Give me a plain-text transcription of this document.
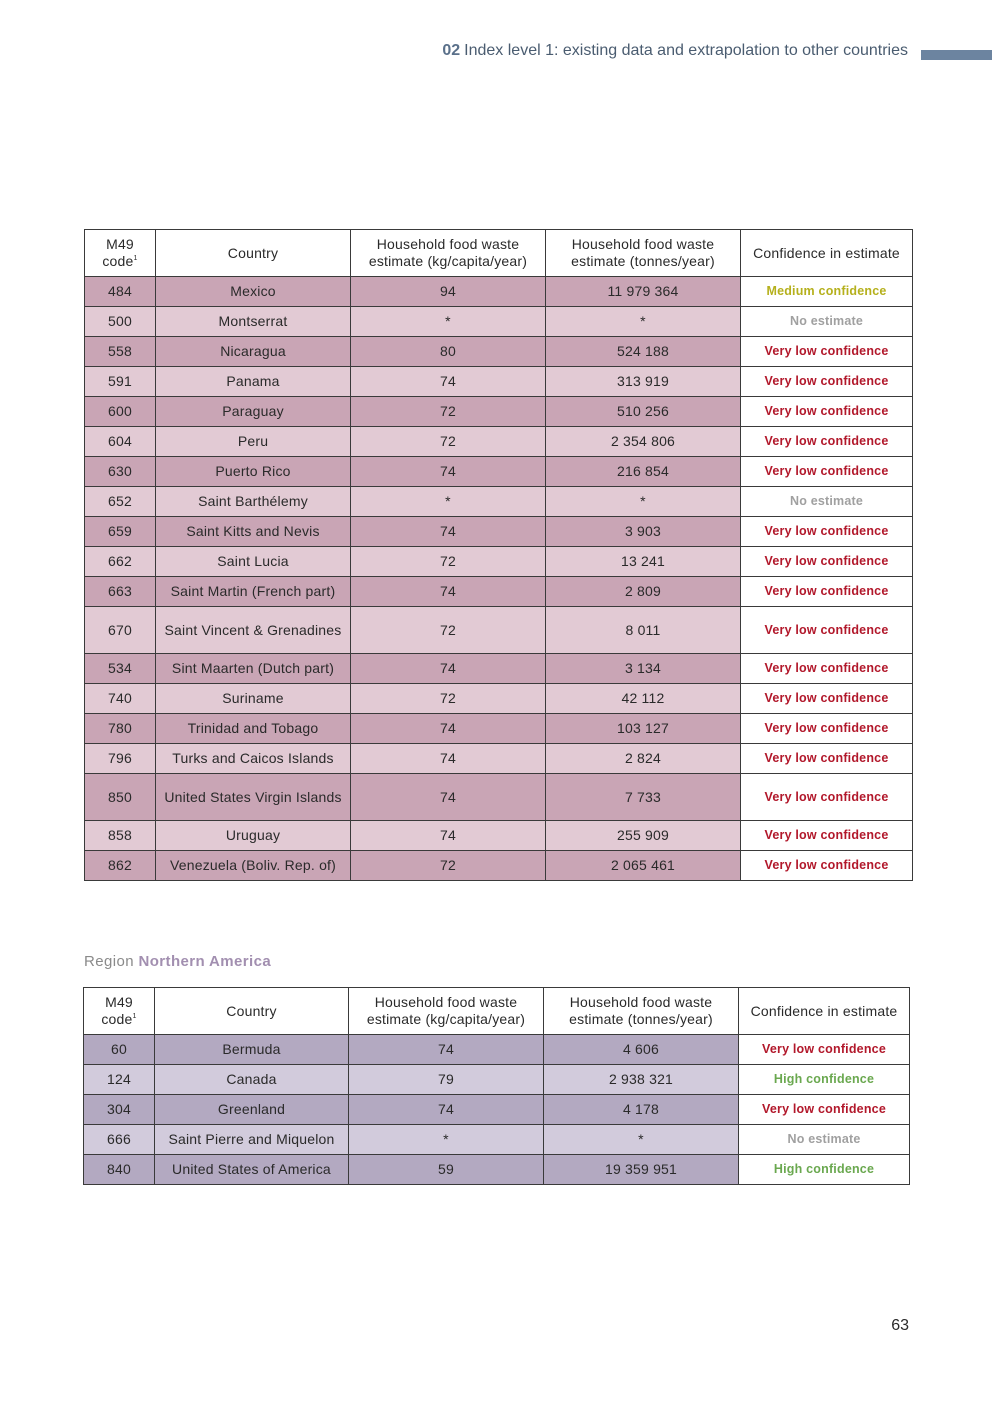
02 Index level 1: existing data and extrapolation to other countries
M49 code$^1$	Country	Household food waste estimate (kg/capita/year)	Household food waste estimate (tonnes/year)	Confidence in estimate
484	Mexico	94	11 979 364	Medium confidence
500	Montserrat	*	*	No estimate
558	Nicaragua	80	524 188	Very low confidence
591	Panama	74	313 919	Very low confidence
600	Paraguay	72	510 256	Very low confidence
604	Peru	72	2 354 806	Very low confidence
630	Puerto Rico	74	216 854	Very low confidence
652	Saint Barthélemy	*	*	No estimate
659	Saint Kitts and Nevis	74	3 903	Very low confidence
662	Saint Lucia	72	13 241	Very low confidence
663	Saint Martin (French part)	74	2 809	Very low confidence
670	Saint Vincent & Grenadines	72	8 011	Very low confidence
534	Sint Maarten (Dutch part)	74	3 134	Very low confidence
740	Suriname	72	42 112	Very low confidence
780	Trinidad and Tobago	74	103 127	Very low confidence
796	Turks and Caicos Islands	74	2 824	Very low confidence
850	United States Virgin Islands	74	7 733	Very low confidence
858	Uruguay	74	255 909	Very low confidence
862	Venezuela (Boliv. Rep. of)	72	2 065 461	Very low confidence
Region Northern America
M49 code$^1$	Country	Household food waste estimate (kg/capita/year)	Household food waste estimate (tonnes/year)	Confidence in estimate
60	Bermuda	74	4 606	Very low confidence
124	Canada	79	2 938 321	High confidence
304	Greenland	74	4 178	Very low confidence
666	Saint Pierre and Miquelon	*	*	No estimate
840	United States of America	59	19 359 951	High confidence
63
